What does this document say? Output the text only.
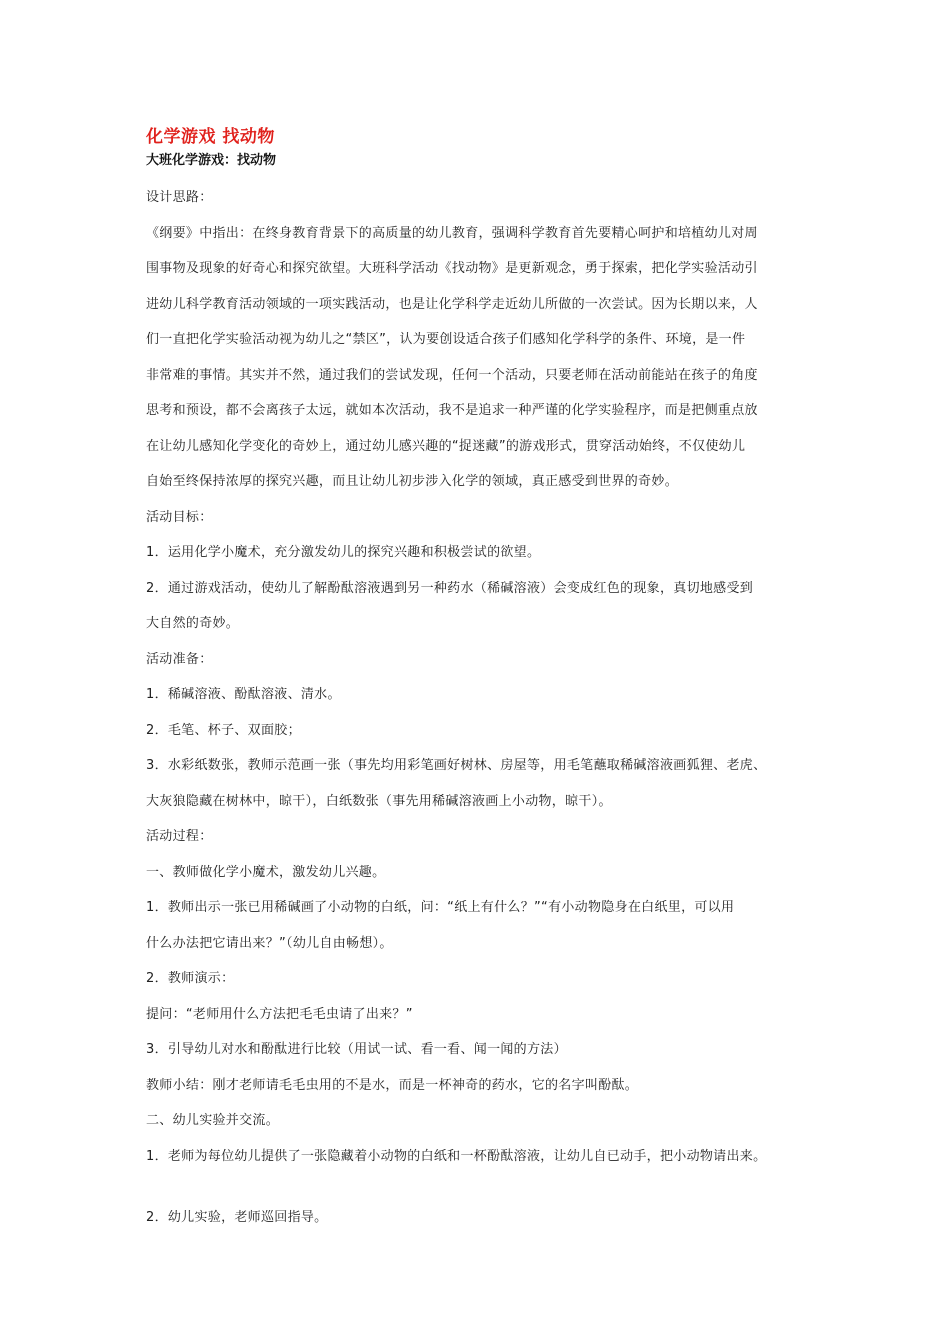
化学游戏 找动物
大班化学游戏：找动物

设计思路：

《纲要》中指出：在终身教育背景下的高质量的幼儿教育，强调科学教育首先要精心呵护和培植幼儿对周

围事物及现象的好奇心和探究欲望。大班科学活动《找动物》是更新观念，勇于探索，把化学实验活动引

进幼儿科学教育活动领域的一项实践活动，也是让化学科学走近幼儿所做的一次尝试。因为长期以来，人

们一直把化学实验活动视为幼儿之“禁区”，认为要创设适合孩子们感知化学科学的条件、环境，是一件

非常难的事情。其实并不然，通过我们的尝试发现，任何一个活动，只要老师在活动前能站在孩子的角度

思考和预设，都不会离孩子太远，就如本次活动，我不是追求一种严谨的化学实验程序，而是把侧重点放

在让幼儿感知化学变化的奇妙上，通过幼儿感兴趣的“捉迷藏”的游戏形式，贯穿活动始终，不仅使幼儿

自始至终保持浓厚的探究兴趣，而且让幼儿初步涉入化学的领域，真正感受到世界的奇妙。

活动目标：

1．运用化学小魔术，充分激发幼儿的探究兴趣和积极尝试的欲望。

2．通过游戏活动，使幼儿了解酚酞溶液遇到另一种药水（稀碱溶液）会变成红色的现象，真切地感受到

大自然的奇妙。

活动准备：

1．稀碱溶液、酚酞溶液、清水。

2．毛笔、杯子、双面胶；

3．水彩纸数张，教师示范画一张（事先均用彩笔画好树林、房屋等，用毛笔蘸取稀碱溶液画狐狸、老虎、

大灰狼隐藏在树林中，晾干），白纸数张（事先用稀碱溶液画上小动物，晾干）。

活动过程：

一、教师做化学小魔术，激发幼儿兴趣。

1．教师出示一张已用稀碱画了小动物的白纸，问：“纸上有什么？”“有小动物隐身在白纸里，可以用

什么办法把它请出来？”（幼儿自由畅想）。

2．教师演示：

提问：“老师用什么方法把毛毛虫请了出来？”

3．引导幼儿对水和酚酞进行比较（用试一试、看一看、闻一闻的方法）

教师小结：刚才老师请毛毛虫用的不是水，而是一杯神奇的药水，它的名字叫酚酞。

二、幼儿实验并交流。

1．老师为每位幼儿提供了一张隐藏着小动物的白纸和一杯酚酞溶液，让幼儿自已动手，把小动物请出来。

2．幼儿实验，老师巡回指导。
